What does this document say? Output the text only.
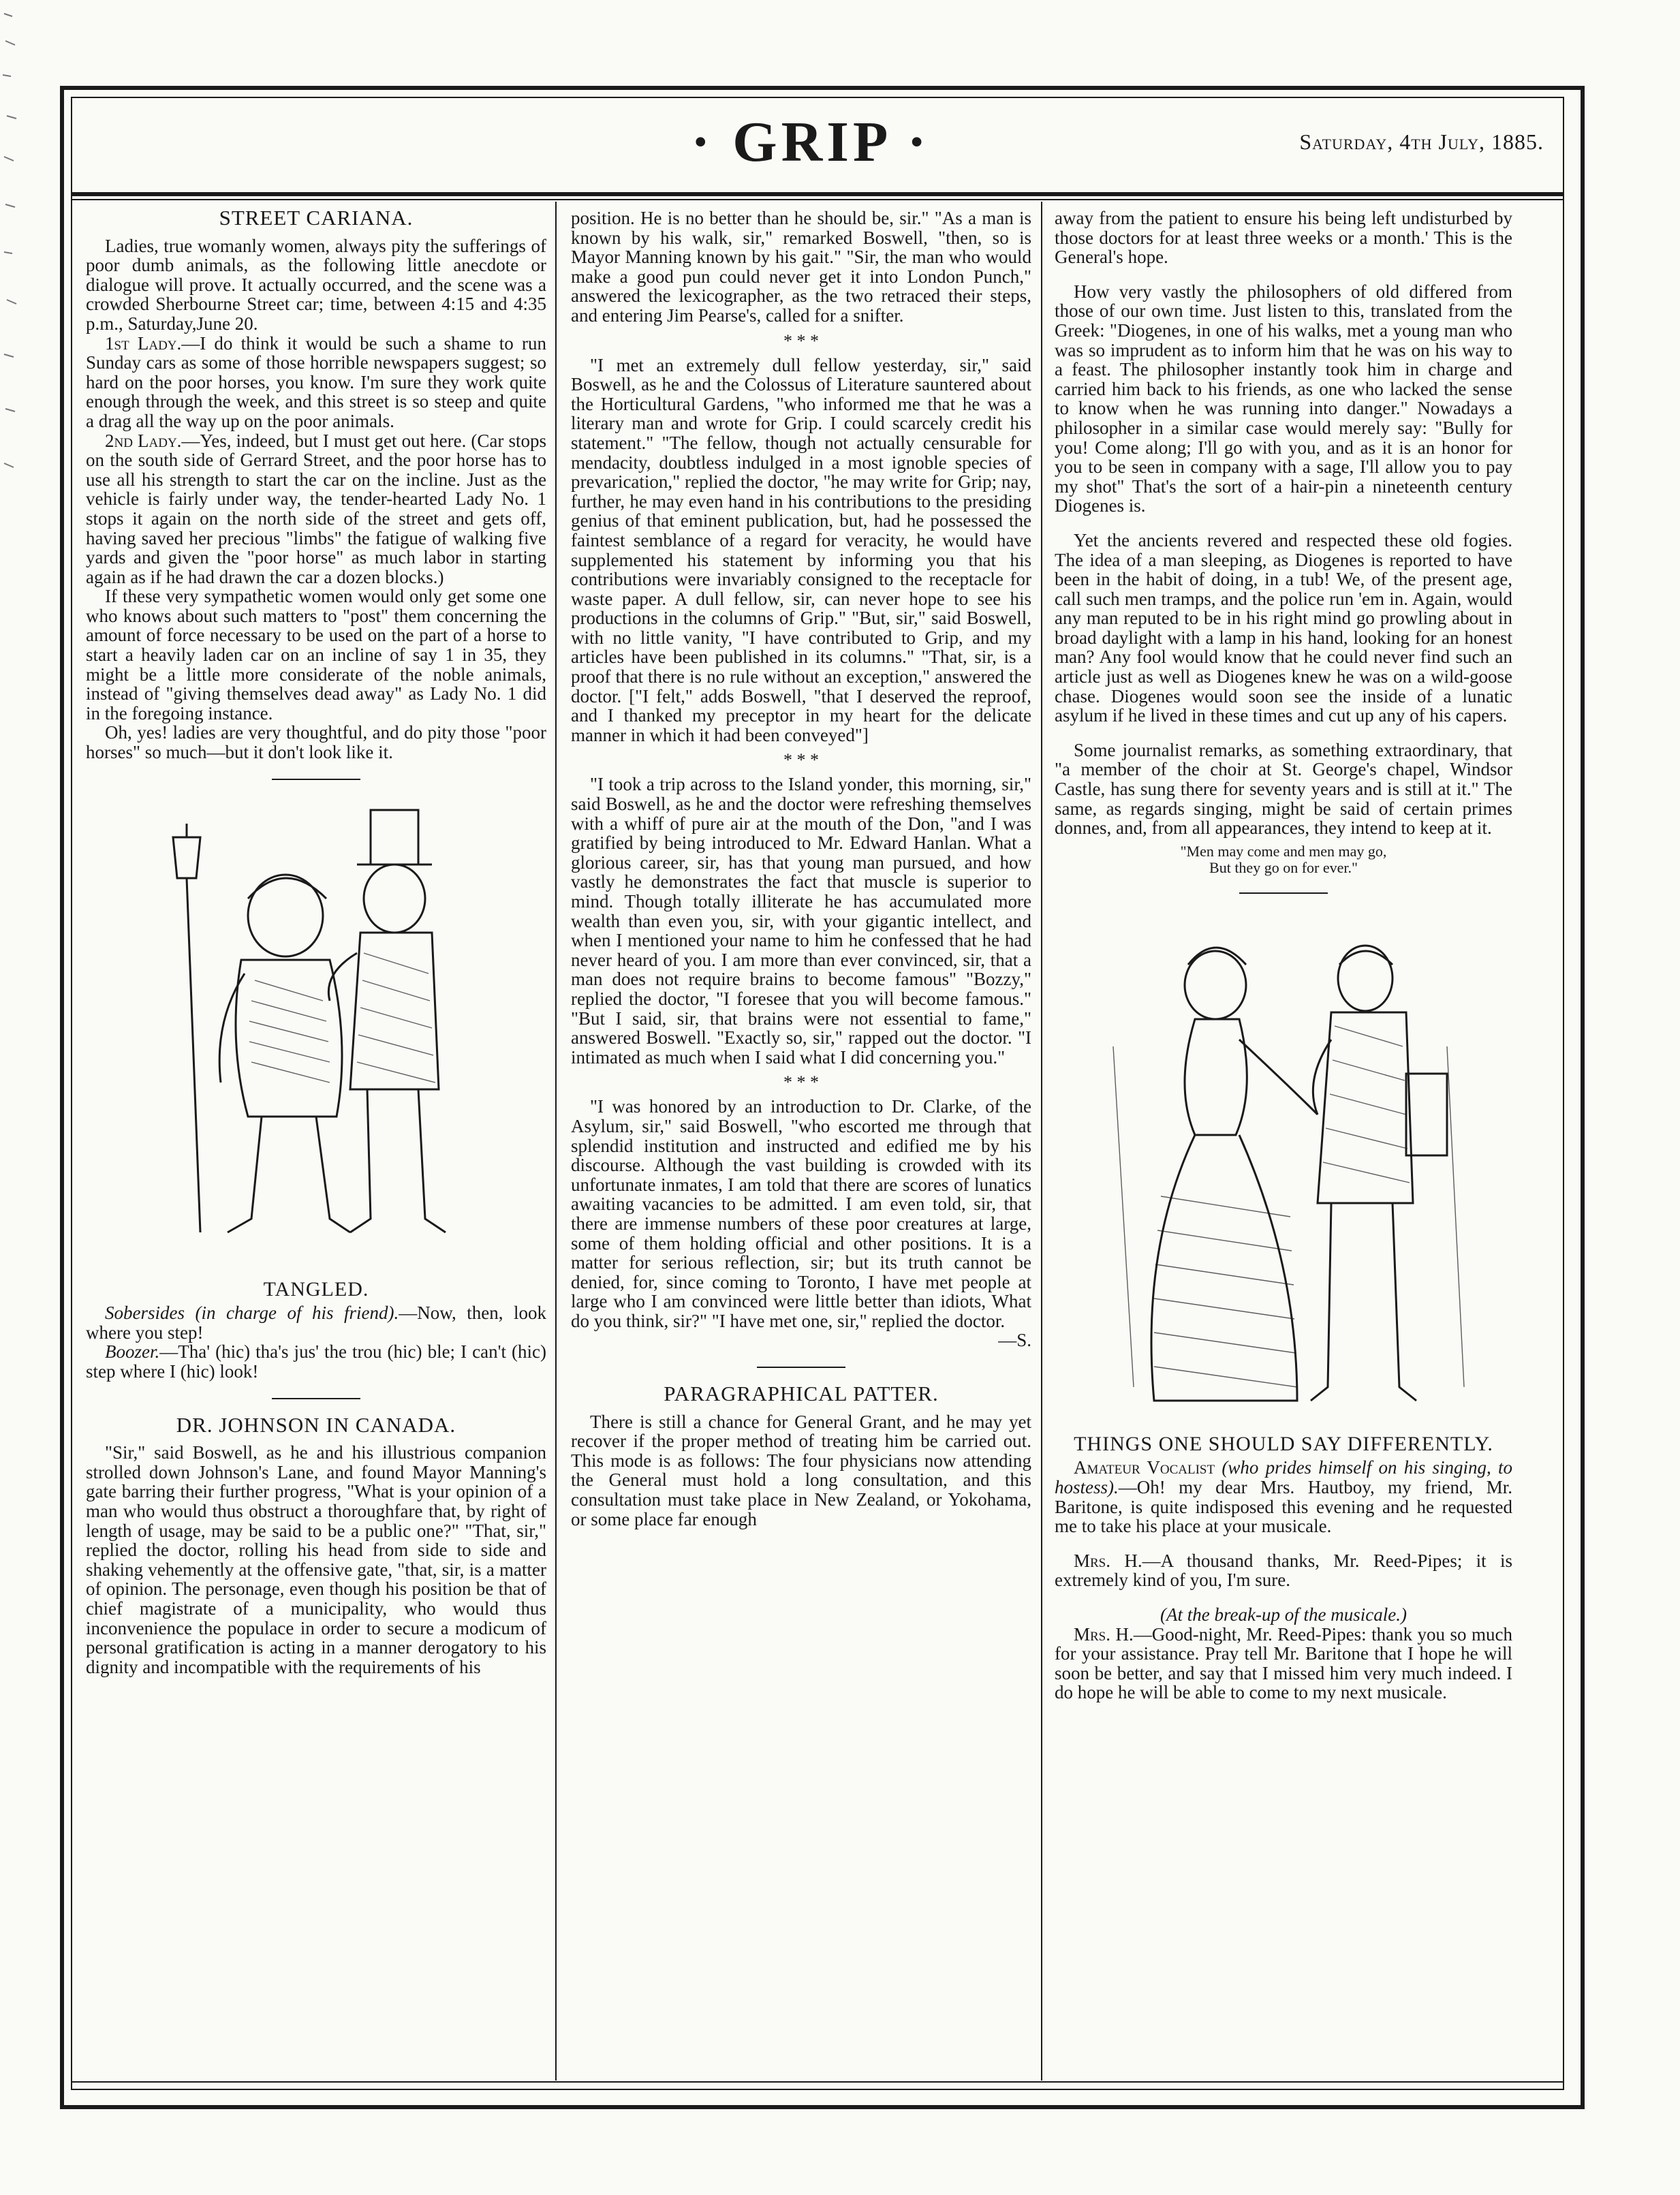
· GRIP ·	Saturday, 4th July, 1885.
STREET CARIANA.

Ladies, true womanly women, always pity the sufferings of poor dumb animals, as the following little anecdote or dialogue will prove. It actually occurred, and the scene was a crowded Sherbourne Street car; time, between 4:15 and 4:35 p.m., Saturday,June 20.

1st Lady.—I do think it would be such a shame to run Sunday cars as some of those horrible newspapers suggest; so hard on the poor horses, you know. I'm sure they work quite enough through the week, and this street is so steep and quite a drag all the way up on the poor animals.

2nd Lady.—Yes, indeed, but I must get out here. (Car stops on the south side of Gerrard Street, and the poor horse has to use all his strength to start the car on the incline. Just as the vehicle is fairly under way, the tender-hearted Lady No. 1 stops it again on the north side of the street and gets off, having saved her precious "limbs" the fatigue of walking five yards and given the "poor horse" as much labor in starting again as if he had drawn the car a dozen blocks.)

If these very sympathetic women would only get some one who knows about such matters to "post" them concerning the amount of force necessary to be used on the part of a horse to start a heavily laden car on an incline of say 1 in 35, they might be a little more considerate of the noble animals, instead of "giving themselves dead away" as Lady No. 1 did in the foregoing instance.

Oh, yes! ladies are very thoughtful, and do pity those "poor horses" so much—but it don't look like it.

TANGLED.

Sobersides (in charge of his friend).—Now, then, look where you step!

Boozer.—Tha' (hic) tha's jus' the trou (hic) ble; I can't (hic) step where I (hic) look!

DR. JOHNSON IN CANADA.

"Sir," said Boswell, as he and his illustrious companion strolled down Johnson's Lane, and found Mayor Manning's gate barring their further progress, "What is your opinion of a man who would thus obstruct a thoroughfare that, by right of length of usage, may be said to be a public one?" "That, sir," replied the doctor, rolling his head from side to side and shaking vehemently at the offensive gate, "that, sir, is a matter of opinion. The personage, even though his position be that of chief magistrate of a municipality, who would thus inconvenience the populace in order to secure a modicum of personal gratification is acting in a manner derogatory to his dignity and incompatible with the requirements of his

position. He is no better than he should be, sir." "As a man is known by his walk, sir," remarked Boswell, "then, so is Mayor Manning known by his gait." "Sir, the man who would make a good pun could never get it into London Punch," answered the lexicographer, as the two retraced their steps, and entering Jim Pearse's, called for a snifter.

* * *

"I met an extremely dull fellow yesterday, sir," said Boswell, as he and the Colossus of Literature sauntered about the Horticultural Gardens, "who informed me that he was a literary man and wrote for Grip. I could scarcely credit his statement." "The fellow, though not actually censurable for mendacity, doubtless indulged in a most ignoble species of prevarication," replied the doctor, "he may write for Grip; nay, further, he may even hand in his contributions to the presiding genius of that eminent publication, but, had he possessed the faintest semblance of a regard for veracity, he would have supplemented his statement by informing you that his contributions were invariably consigned to the receptacle for waste paper. A dull fellow, sir, can never hope to see his productions in the columns of Grip." "But, sir," said Boswell, with no little vanity, "I have contributed to Grip, and my articles have been published in its columns." "That, sir, is a proof that there is no rule without an exception," answered the doctor. ["I felt," adds Boswell, "that I deserved the reproof, and I thanked my preceptor in my heart for the delicate manner in which it had been conveyed"]

* * *

"I took a trip across to the Island yonder, this morning, sir," said Boswell, as he and the doctor were refreshing themselves with a whiff of pure air at the mouth of the Don, "and I was gratified by being introduced to Mr. Edward Hanlan. What a glorious career, sir, has that young man pursued, and how vastly he demonstrates the fact that muscle is superior to mind. Though totally illiterate he has accumulated more wealth than even you, sir, with your gigantic intellect, and when I mentioned your name to him he confessed that he had never heard of you. I am more than ever convinced, sir, that a man does not require brains to become famous" "Bozzy," replied the doctor, "I foresee that you will become famous." "But I said, sir, that brains were not essential to fame," answered Boswell. "Exactly so, sir," rapped out the doctor. "I intimated as much when I said what I did concerning you."

* * *

"I was honored by an introduction to Dr. Clarke, of the Asylum, sir," said Boswell, "who escorted me through that splendid institution and instructed and edified me by his discourse. Although the vast building is crowded with its unfortunate inmates, I am told that there are scores of lunatics awaiting vacancies to be admitted. I am even told, sir, that there are immense numbers of these poor creatures at large, some of them holding official and other positions. It is a matter for serious reflection, sir; but its truth cannot be denied, for, since coming to Toronto, I have met people at large who I am convinced were little better than idiots, What do you think, sir?" "I have met one, sir," replied the doctor.

—S.

PARAGRAPHICAL PATTER.

There is still a chance for General Grant, and he may yet recover if the proper method of treating him be carried out. This mode is as follows: The four physicians now attending the General must hold a long consultation, and this consultation must take place in New Zealand, or Yokohama, or some place far enough

away from the patient to ensure his being left undisturbed by those doctors for at least three weeks or a month.' This is the General's hope.

How very vastly the philosophers of old differed from those of our own time. Just listen to this, translated from the Greek: "Diogenes, in one of his walks, met a young man who was so imprudent as to inform him that he was on his way to a feast. The philosopher instantly took him in charge and carried him back to his friends, as one who lacked the sense to know when he was running into danger." Nowadays a philosopher in a similar case would merely say: "Bully for you! Come along; I'll go with you, and as it is an honor for you to be seen in company with a sage, I'll allow you to pay my shot" That's the sort of a hair-pin a nineteenth century Diogenes is.

Yet the ancients revered and respected these old fogies. The idea of a man sleeping, as Diogenes is reported to have been in the habit of doing, in a tub! We, of the present age, call such men tramps, and the police run 'em in. Again, would any man reputed to be in his right mind go prowling about in broad daylight with a lamp in his hand, looking for an honest man? Any fool would know that he could never find such an article just as well as Diogenes knew he was on a wild-goose chase. Diogenes would soon see the inside of a lunatic asylum if he lived in these times and cut up any of his capers.

Some journalist remarks, as something extraordinary, that "a member of the choir at St. George's chapel, Windsor Castle, has sung there for seventy years and is still at it." The same, as regards singing, might be said of certain primes donnes, and, from all appearances, they intend to keep at it.

"Men may come and men may go,
But they go on for ever."
THINGS ONE SHOULD SAY DIFFERENTLY.

Amateur Vocalist (who prides himself on his singing, to hostess).—Oh! my dear Mrs. Hautboy, my friend, Mr. Baritone, is quite indisposed this evening and he requested me to take his place at your musicale.

Mrs. H.—A thousand thanks, Mr. Reed-Pipes; it is extremely kind of you, I'm sure.

(At the break-up of the musicale.)

Mrs. H.—Good-night, Mr. Reed-Pipes: thank you so much for your assistance. Pray tell Mr. Baritone that I hope he will soon be better, and say that I missed him very much indeed. I do hope he will be able to come to my next musicale.
